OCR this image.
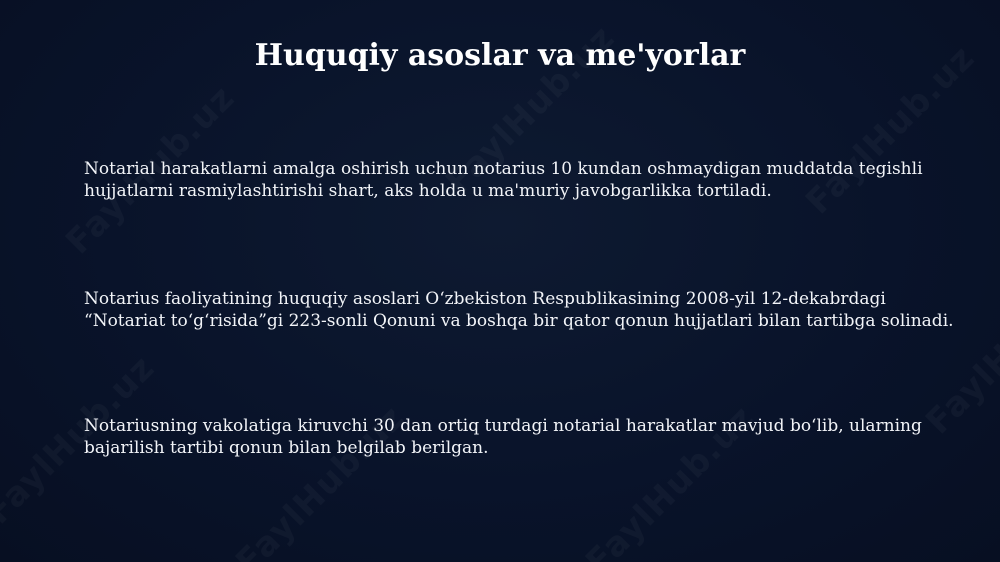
Huquqiy asoslar va me'yorlar

Notarial harakatlarni amalga oshirish uchun notarius 10 kundan oshmaydigan muddatda tegishli hujjatlarni rasmiylashtirishi shart, aks holda u ma'muriy javobgarlikka tortiladi.

Notarius faoliyatining huquqiy asoslari O‘zbekiston Respublikasining 2008-yil 12-dekabrdagi “Notariat to‘g‘risida”gi 223-sonli Qonuni va boshqa bir qator qonun hujjatlari bilan tartibga solinadi.

Notariusning vakolatiga kiruvchi 30 dan ortiq turdagi notarial harakatlar mavjud bo‘lib, ularning bajarilish tartibi qonun bilan belgilab berilgan.
